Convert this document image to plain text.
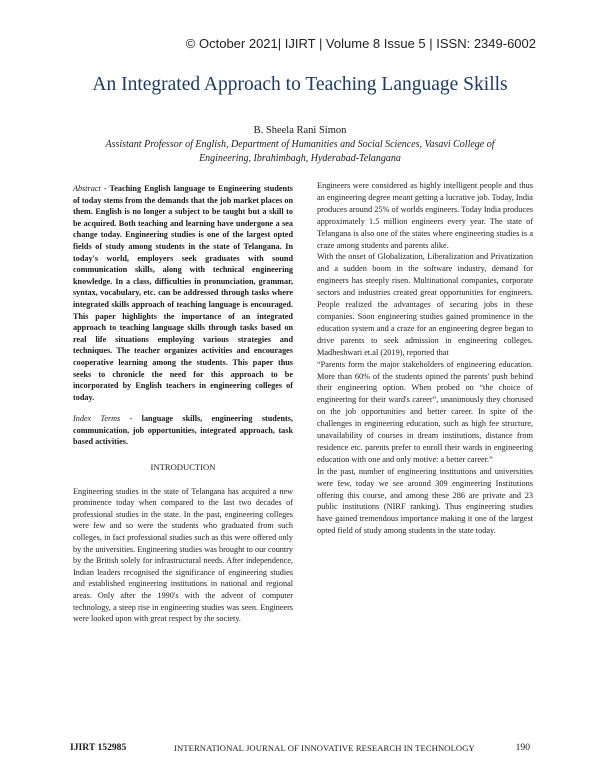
© October 2021| IJIRT | Volume 8 Issue 5 | ISSN: 2349-6002
An Integrated Approach to Teaching Language Skills
B. Sheela Rani Simon
Assistant Professor of English, Department of Humanities and Social Sciences, Vasavi College of Engineering, Ibrahimbagh, Hyderabad-Telangana

Abstract - Teaching English language to Engineering students of today stems from the demands that the job market places on them. English is no longer a subject to be taught but a skill to be acquired. Both teaching and learning have undergone a sea change today. Engineering studies is one of the largest opted fields of study among students in the state of Telangana. In today's world, employers seek graduates with sound communication skills, along with technical engineering knowledge. In a class, difficulties in pronunciation, grammar, syntax, vocabulary, etc. can be addressed through tasks where integrated skills approach of teaching language is encouraged. This paper highlights the importance of an integrated approach to teaching language skills through tasks based on real life situations employing various strategies and techniques. The teacher organizes activities and encourages cooperative learning among the students. This paper thus seeks to chronicle the need for this approach to be incorporated by English teachers in engineering colleges of today.

Index Terms - language skills, engineering students, communication, job opportunities, integrated approach, task based activities.

INTRODUCTION

Engineering studies in the state of Telangana has acquired a new prominence today when compared to the last two decades of professional studies in the state. In the past, engineering colleges were few and so were the students who graduated from such colleges, in fact professional studies such as this were offered only by the universities. Engineering studies was brought to our country by the British solely for infrastructural needs. After independence, Indian leaders recognised the significance of engineering studies and established engineering institutions in national and regional areas. Only after the 1990's with the advent of computer technology, a steep rise in engineering studies was seen. Engineers were looked upon with great respect by the society.

Engineers were considered as highly intelligent people and thus an engineering degree meant getting a lucrative job. Today, India produces around 25% of worlds engineers. Today India produces approximately 1.5 million engineers every year. The state of Telangana is also one of the states where engineering studies is a craze among students and parents alike.

With the onset of Globalization, Liberalization and Privatization and a sudden boom in the software industry, demand for engineers has steeply risen. Multinational companies, corporate sectors and industries created great opportunities for engineers. People realized the advantages of securing jobs in these companies. Soon engineering studies gained prominence in the education system and a craze for an engineering degree began to drive parents to seek admission in engineering colleges. Madheshwari et.al (2019), reported that

“Parents form the major stakeholders of engineering education. More than 60% of the students opined the parents' push behind their engineering option. When probed on “the choice of engineering for their ward's career”, unanimously they chorused on the job opportunities and better career. In spite of the challenges in engineering education, such as high fee structure, unavailability of courses in dream institutions, distance from residence etc. parents prefer to enroll their wards in engineering education with one and only motive: a better career.”

In the past, number of engineering institutions and universities were few, today we see around 309 engineering Institutions offering this course, and among these 286 are private and 23 public institutions (NIRF ranking). Thus engineering studies have gained tremendous importance making it one of the largest opted field of study among students in the state today.

IJIRT 152985	INTERNATIONAL JOURNAL OF INNOVATIVE RESEARCH IN TECHNOLOGY	190
